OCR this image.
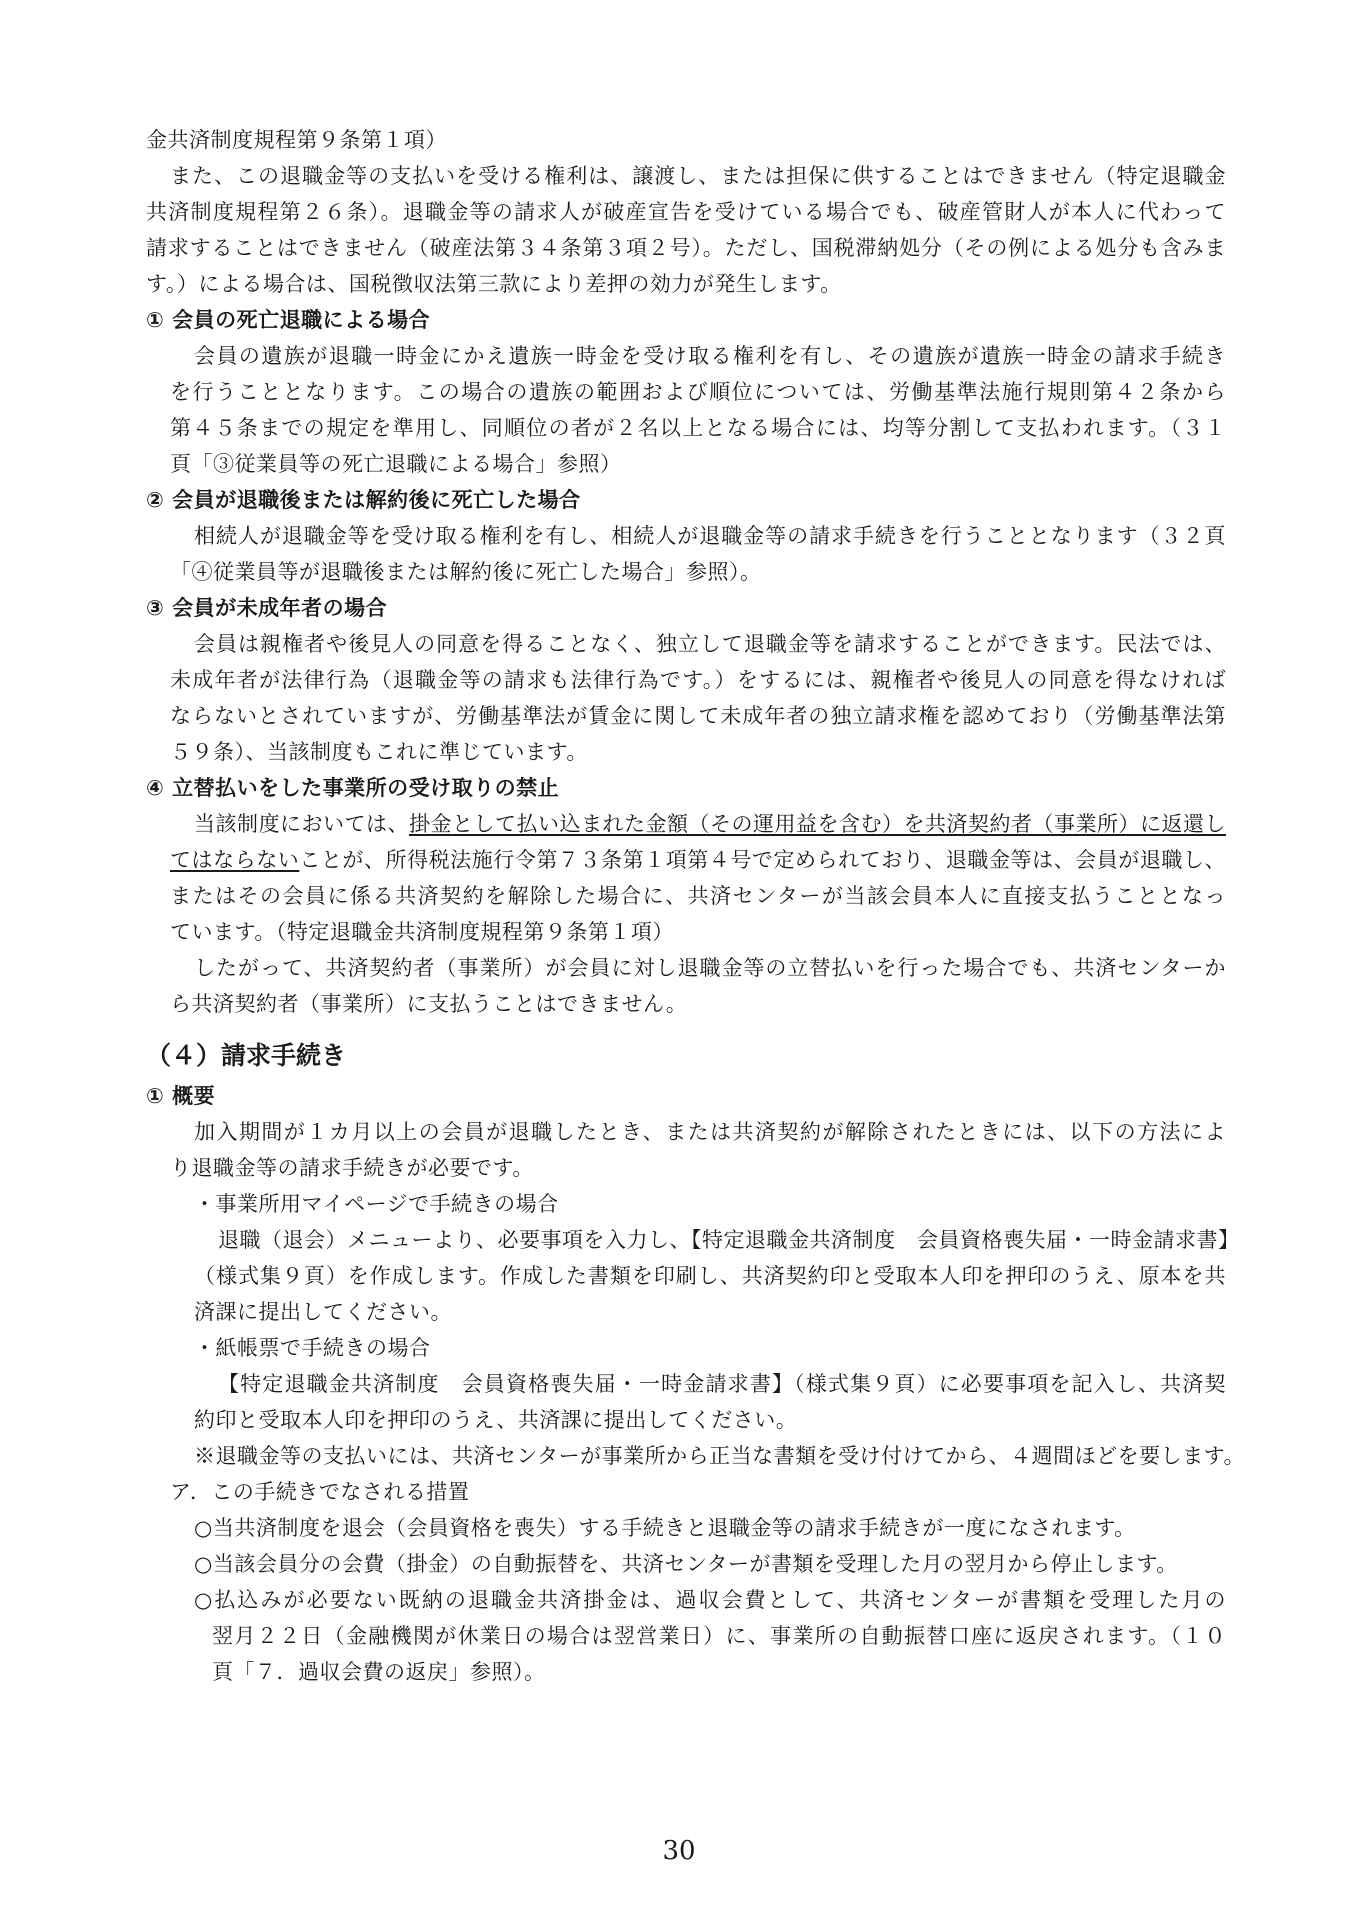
金共済制度規程第９条第１項）

また、この退職金等の支払いを受ける権利は、譲渡し、または担保に供することはできません（特定退職金

共済制度規程第２６条）。退職金等の請求人が破産宣告を受けている場合でも、破産管財人が本人に代わって

請求することはできません（破産法第３４条第３項２号）。ただし、国税滞納処分（その例による処分も含みま

す。）による場合は、国税徴収法第三款により差押の効力が発生します。

① 会員の死亡退職による場合

会員の遺族が退職一時金にかえ遺族一時金を受け取る権利を有し、その遺族が遺族一時金の請求手続き

を行うこととなります。この場合の遺族の範囲および順位については、労働基準法施行規則第４２条から

第４５条までの規定を準用し、同順位の者が２名以上となる場合には、均等分割して支払われます。（３１

頁「③従業員等の死亡退職による場合」参照）

② 会員が退職後または解約後に死亡した場合

相続人が退職金等を受け取る権利を有し、相続人が退職金等の請求手続きを行うこととなります（３２頁

「④従業員等が退職後または解約後に死亡した場合」参照）。

③ 会員が未成年者の場合

会員は親権者や後見人の同意を得ることなく、独立して退職金等を請求することができます。民法では、

未成年者が法律行為（退職金等の請求も法律行為です。）をするには、親権者や後見人の同意を得なければ

ならないとされていますが、労働基準法が賃金に関して未成年者の独立請求権を認めており（労働基準法第

５９条）、当該制度もこれに準じています。

④ 立替払いをした事業所の受け取りの禁止

当該制度においては、掛金として払い込まれた金額（その運用益を含む）を共済契約者（事業所）に返還し

てはならないことが、所得税法施行令第７３条第１項第４号で定められており、退職金等は、会員が退職し、

またはその会員に係る共済契約を解除した場合に、共済センターが当該会員本人に直接支払うこととなっ

ています。（特定退職金共済制度規程第９条第１項）

したがって、共済契約者（事業所）が会員に対し退職金等の立替払いを行った場合でも、共済センターか

ら共済契約者（事業所）に支払うことはできません。

（４）請求手続き
① 概要

加入期間が１カ月以上の会員が退職したとき、または共済契約が解除されたときには、以下の方法によ

り退職金等の請求手続きが必要です。

・事業所用マイページで手続きの場合

退職（退会）メニューより、必要事項を入力し、【特定退職金共済制度　会員資格喪失届・一時金請求書】

（様式集９頁）を作成します。作成した書類を印刷し、共済契約印と受取本人印を押印のうえ、原本を共

済課に提出してください。

・紙帳票で手続きの場合

【特定退職金共済制度　会員資格喪失届・一時金請求書】（様式集９頁）に必要事項を記入し、共済契

約印と受取本人印を押印のうえ、共済課に提出してください。

※退職金等の支払いには、共済センターが事業所から正当な書類を受け付けてから、４週間ほどを要します。

ア．この手続きでなされる措置

○当共済制度を退会（会員資格を喪失）する手続きと退職金等の請求手続きが一度になされます。

○当該会員分の会費（掛金）の自動振替を、共済センターが書類を受理した月の翌月から停止します。

○払込みが必要ない既納の退職金共済掛金は、過収会費として、共済センターが書類を受理した月の

翌月２２日（金融機関が休業日の場合は翌営業日）に、事業所の自動振替口座に返戻されます。（１０

頁「７．過収会費の返戻」参照）。

30
